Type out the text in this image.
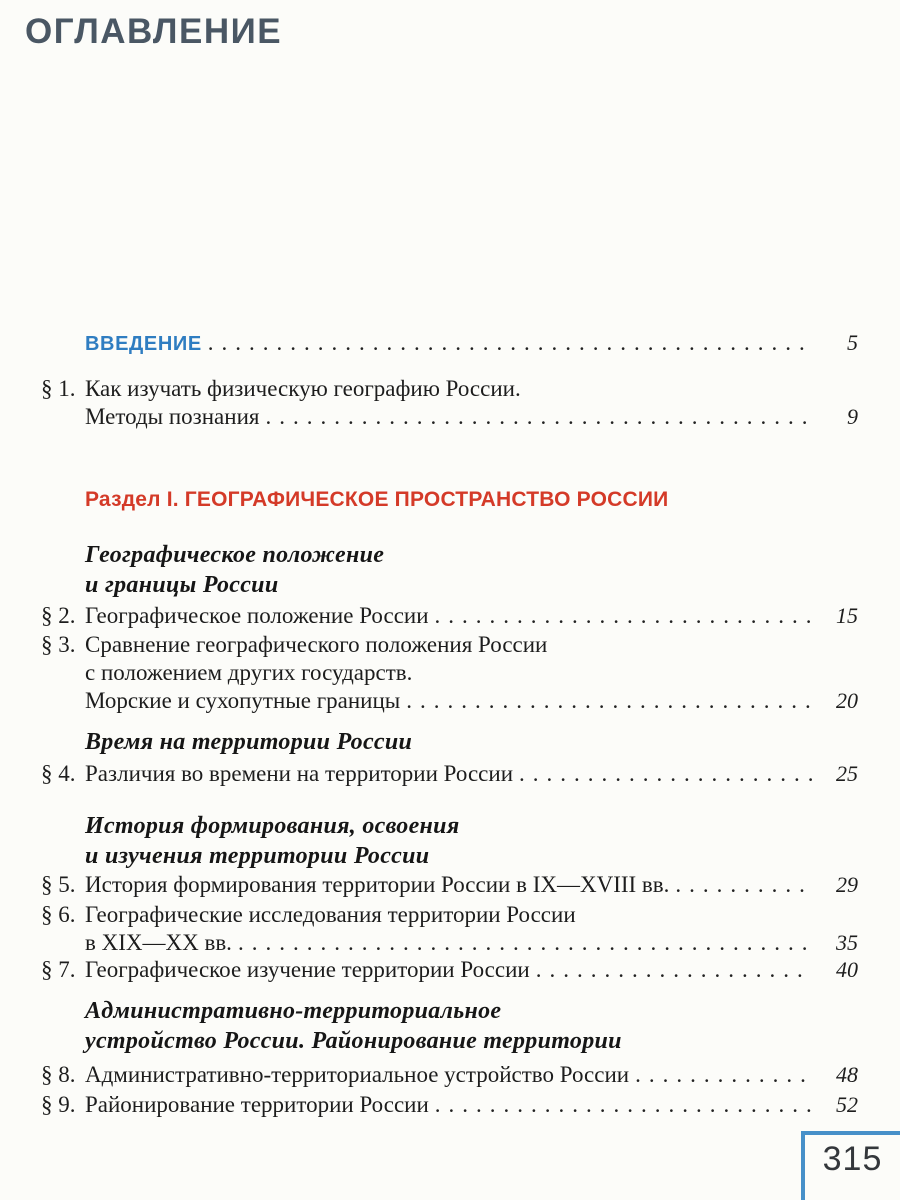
ОГЛАВЛЕНИЕ
ВВЕДЕНИЕ .....	5
§ 1. Как изучать физическую географию России.
Методы познания .....	9
Раздел I. ГЕОГРАФИЧЕСКОЕ ПРОСТРАНСТВО РОССИИ
Географическое положение
и границы России
§ 2. Географическое положение России .....	15
§ 3. Сравнение географического положения России
с положением других государств.
Морские и сухопутные границы .....	20
Время на территории России
§ 4. Различия во времени на территории России .....	25
История формирования, освоения
и изучения территории России
§ 5. История формирования территории России в IX—XVIII вв. .....	29
§ 6. Географические исследования территории России
в XIX—XX вв. .....	35
§ 7. Географическое изучение территории России .....	40
Административно-территориальное
устройство России. Районирование территории
§ 8. Административно-территориальное устройство России .....	48
§ 9. Районирование территории России .....	52
315
